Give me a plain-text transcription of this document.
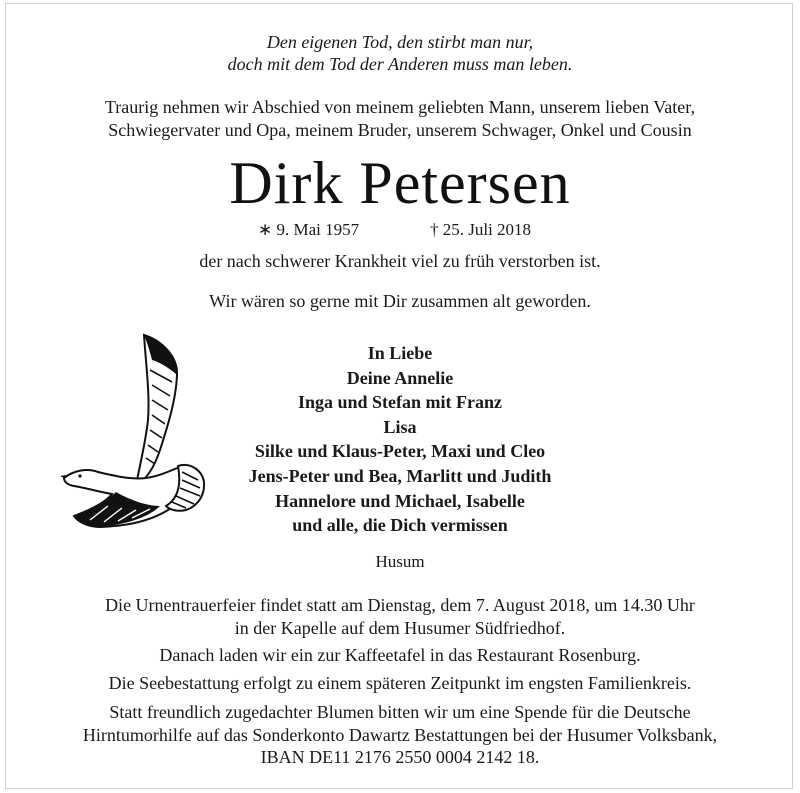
Den eigenen Tod, den stirbt man nur,
doch mit dem Tod der Anderen muss man leben.
Traurig nehmen wir Abschied von meinem geliebten Mann, unserem lieben Vater,
Schwiegervater und Opa, meinem Bruder, unserem Schwager, Onkel und Cousin
Dirk Petersen
∗ 9. Mai 1957	† 25. Juli 2018
der nach schwerer Krankheit viel zu früh verstorben ist.
Wir wären so gerne mit Dir zusammen alt geworden.
In Liebe
Deine Annelie
Inga und Stefan mit Franz
Lisa
Silke und Klaus-Peter, Maxi und Cleo
Jens-Peter und Bea, Marlitt und Judith
Hannelore und Michael, Isabelle
und alle, die Dich vermissen
Husum
Die Urnentrauerfeier findet statt am Dienstag, dem 7. August 2018, um 14.30 Uhr
in der Kapelle auf dem Husumer Südfriedhof.
Danach laden wir ein zur Kaffeetafel in das Restaurant Rosenburg.
Die Seebestattung erfolgt zu einem späteren Zeitpunkt im engsten Familienkreis.
Statt freundlich zugedachter Blumen bitten wir um eine Spende für die Deutsche
Hirntumorhilfe auf das Sonderkonto Dawartz Bestattungen bei der Husumer Volksbank,
IBAN DE11 2176 2550 0004 2142 18.
